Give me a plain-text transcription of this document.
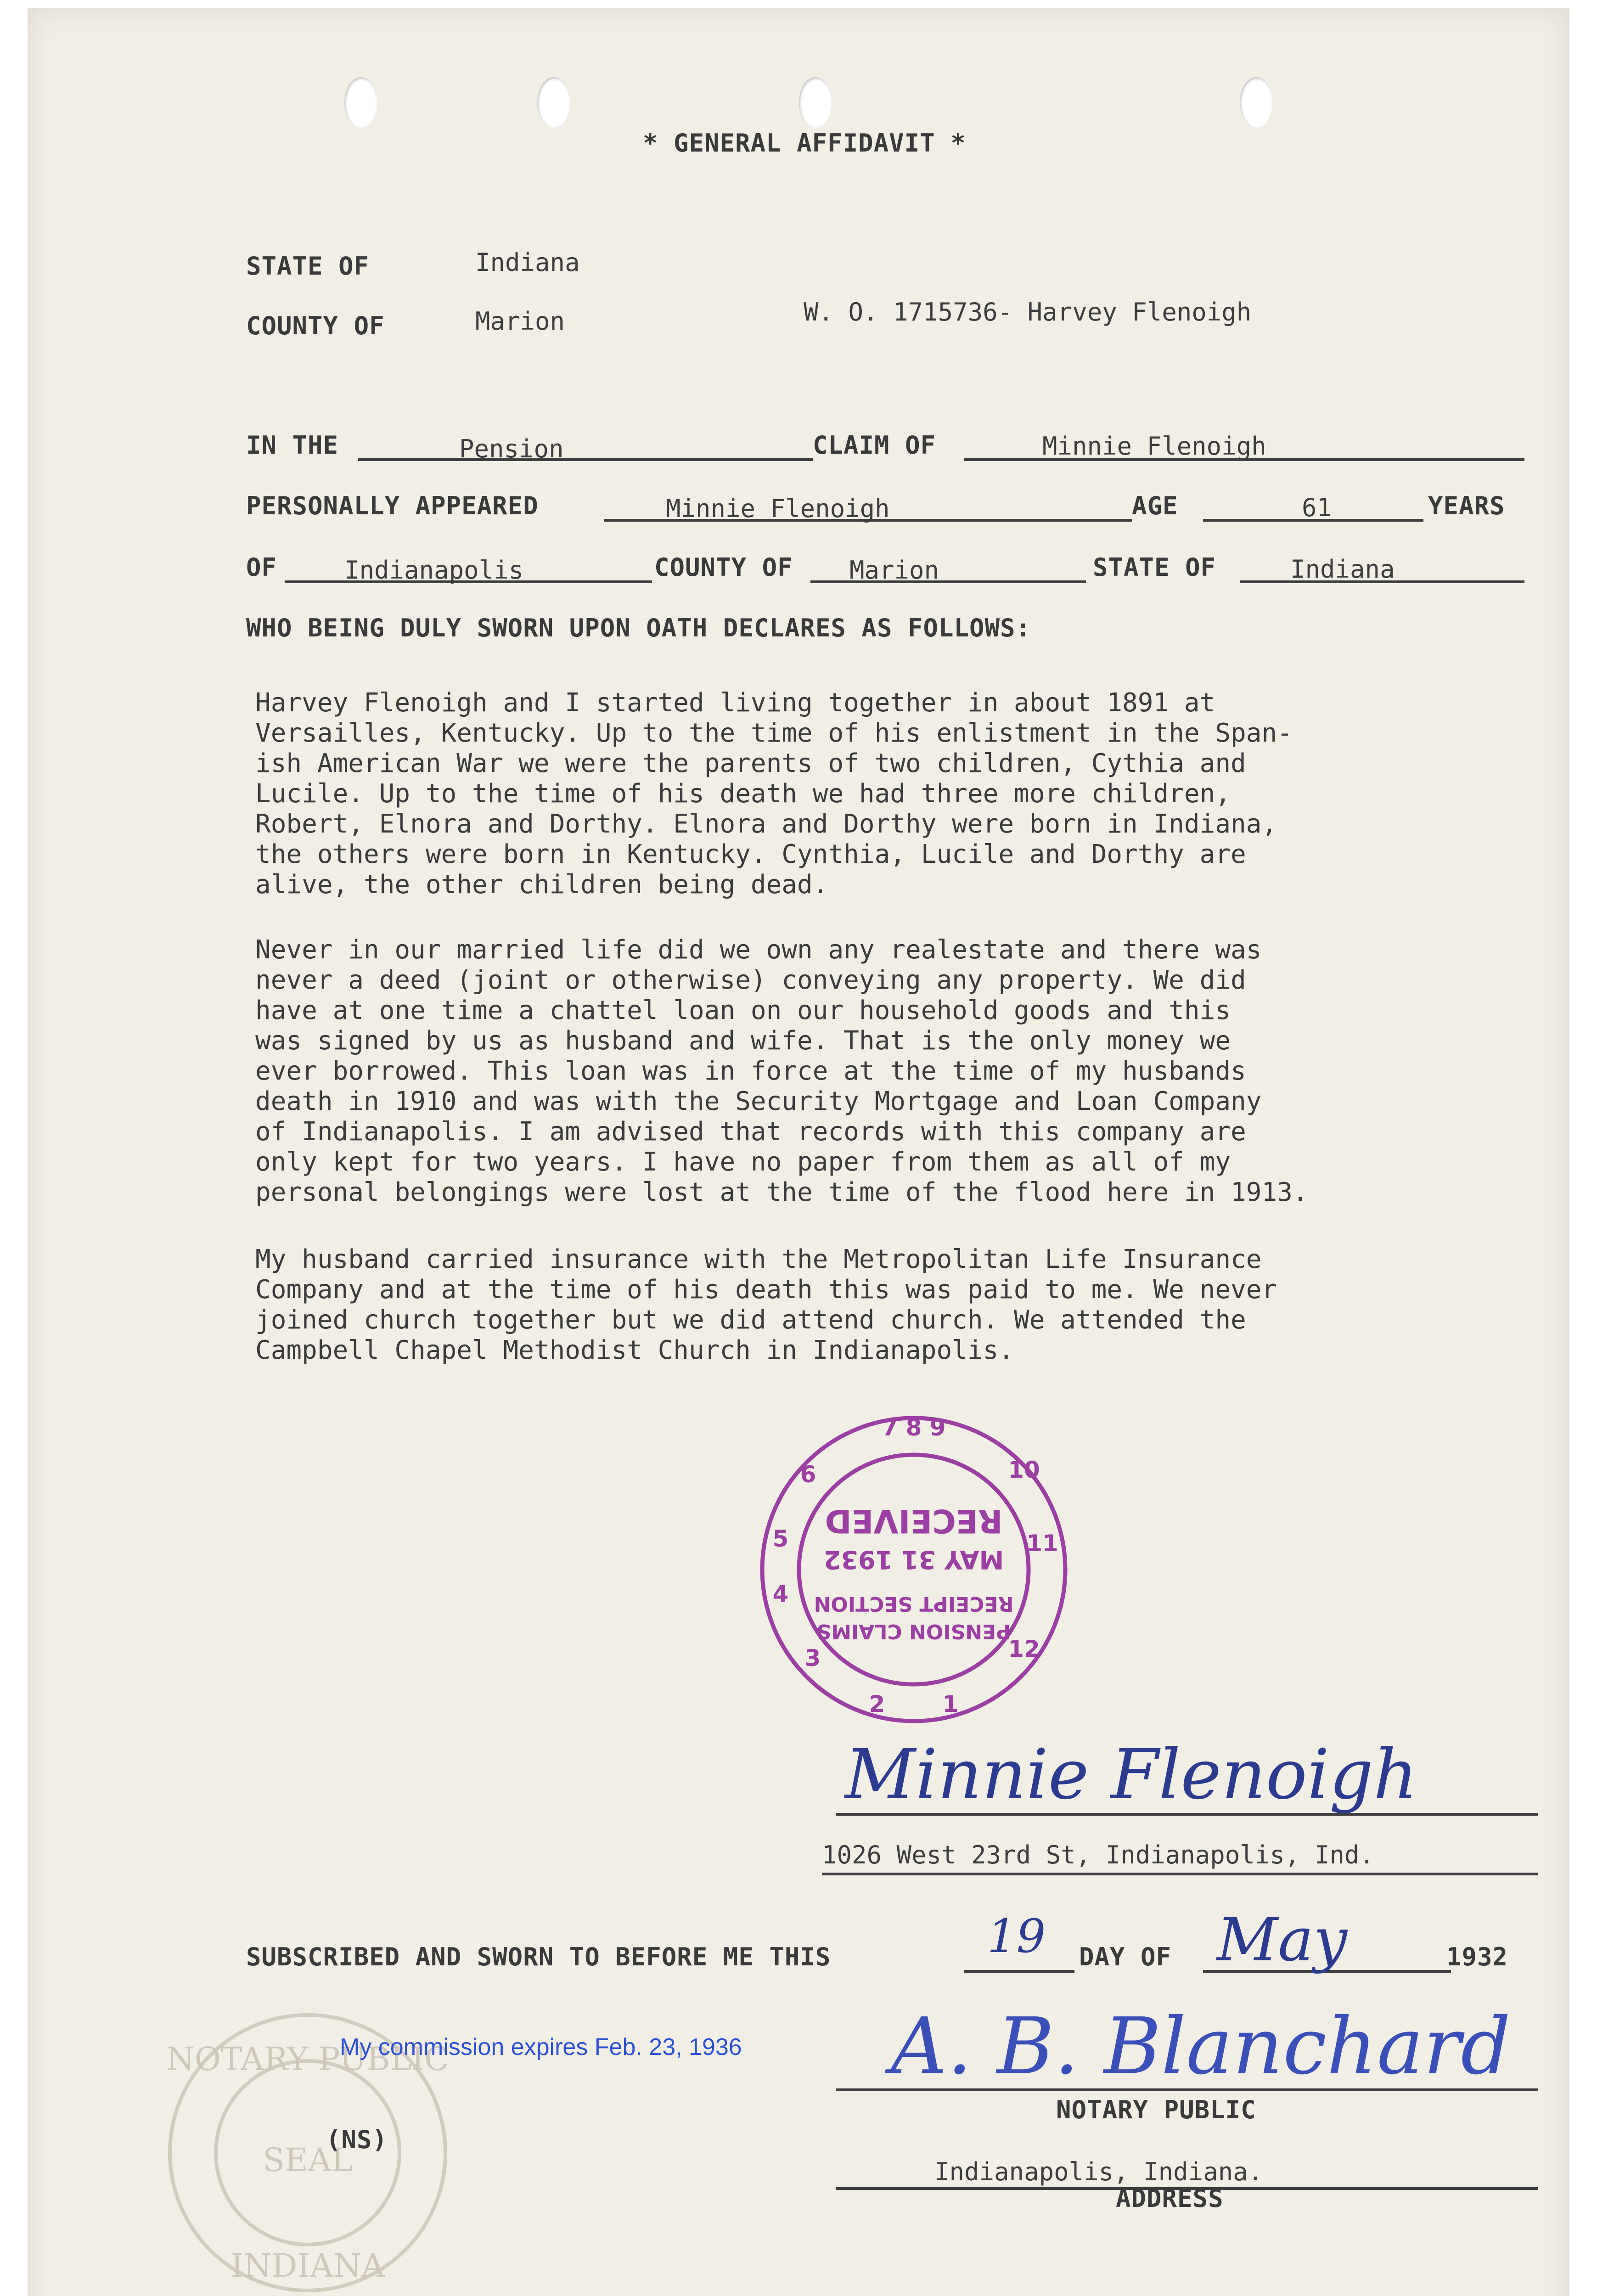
* GENERAL AFFIDAVIT *
STATE OF	Indiana
COUNTY OF	Marion	W. O. 1715736- Harvey Flenoigh
IN THE	Pension	CLAIM OF	Minnie Flenoigh
PERSONALLY APPEARED	Minnie Flenoigh	AGE	61	YEARS
OF	Indianapolis	COUNTY OF Marion	STATE OF	Indiana
WHO BEING DULY SWORN UPON OATH DECLARES AS FOLLOWS:
Harvey Flenoigh and I started living together in about 1891 at
Versailles, Kentucky. Up to the time of his enlistment in the Span-
ish American War we were the parents of two children, Cythia and
Lucile. Up to the time of his death we had three more children,
Robert, Elnora and Dorthy. Elnora and Dorthy were born in Indiana,
the others were born in Kentucky. Cynthia, Lucile and Dorthy are
alive, the other children being dead.
Never in our married life did we own any realestate and there was
never a deed (joint or otherwise) conveying any property. We did
have at one time a chattel loan on our household goods and this
was signed by us as husband and wife. That is the only money we
ever borrowed. This loan was in force at the time of my husbands
death in 1910 and was with the Security Mortgage and Loan Company
of Indianapolis. I am advised that records with this company are
only kept for two years. I have no paper from them as all of my
personal belongings were lost at the time of the flood here in 1913.
My husband carried insurance with the Metropolitan Life Insurance
Company and at the time of his death this was paid to me. We never
joined church together but we did attend church. We attended the
Campbell Chapel Methodist Church in Indianapolis.
7 8 9
6
5
4
3
2	1
12
11
10
PENSION CLAIMS
RECEIPT SECTION
MAY 31 1932
RECEIVED
Minnie Flenoigh
1026 West 23rd St, Indianapolis, Ind.
SUBSCRIBED AND SWORN TO BEFORE ME THIS	19 DAY OF May	1932
NOTARY PUBLIC
SEAL
INDIANA
My commission expires Feb. 23, 1936 A. B. Blanchard
NOTARY PUBLIC
(NS)
Indianapolis, Indiana.
ADDRESS
